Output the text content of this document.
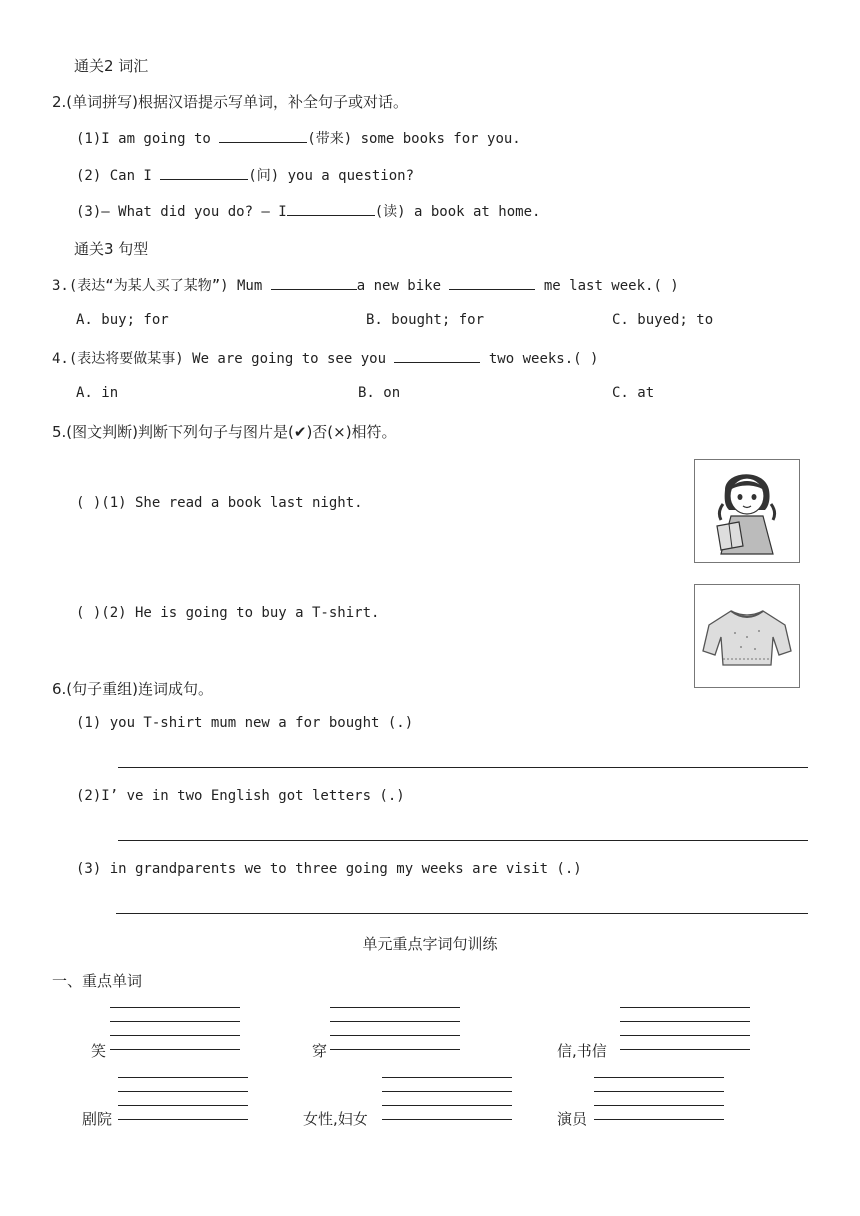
通关2 词汇
2.(单词拼写)根据汉语提示写单词，补全句子或对话。
(1)I am going to	(带来) some books for you.
(2) Can I	(问) you a question?
(3)— What did you do? — I	(读) a book at home.
通关3 句型
3.(表达“为某人买了某物”) Mum	a new bike	me last week.( )
A. buy; for	B. bought; for	C. buyed; to
4.(表达将要做某事) We are going to see you	two weeks.( )
A. in	B. on	C. at
5.(图文判断)判断下列句子与图片是(✔)否(×)相符。
( )(1) She read a book last night.
( )(2) He is going to buy a T-shirt.
6.(句子重组)连词成句。
(1) you T-shirt mum new a for bought (.)
(2)I’ ve in two English got letters (.)
(3) in grandparents we to three going my weeks are visit (.)
单元重点字词句训练
一、重点单词
笑	穿	信,书信
剧院	女性,妇女	演员
